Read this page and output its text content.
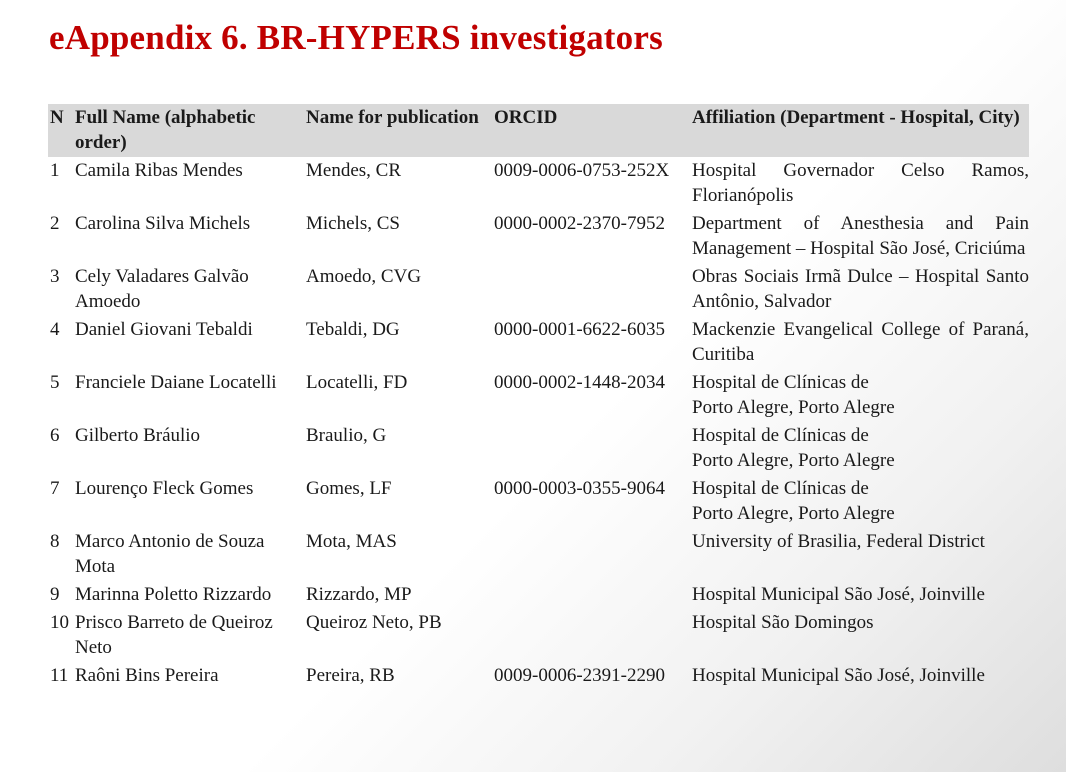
eAppendix 6. BR-HYPERS investigators
N	Full Name (alphabetic order)	Name for publication	ORCID	Affiliation (Department - Hospital, City)
1	Camila Ribas Mendes	Mendes, CR	0009-0006-0753-252X	Hospital Governador Celso Ramos, Florianópolis
2	Carolina Silva Michels	Michels, CS	0000-0002-2370-7952	Department of Anesthesia and Pain Management – Hospital São José, Criciúma
3	Cely Valadares Galvão Amoedo	Amoedo, CVG		Obras Sociais Irmã Dulce – Hospital Santo Antônio, Salvador
4	Daniel Giovani Tebaldi	Tebaldi, DG	0000-0001-6622-6035	Mackenzie Evangelical College of Paraná, Curitiba
5	Franciele Daiane Locatelli	Locatelli, FD	0000-0002-1448-2034	Hospital de Clínicas de
Porto Alegre, Porto Alegre
6	Gilberto Bráulio	Braulio, G		Hospital de Clínicas de
Porto Alegre, Porto Alegre
7	Lourenço Fleck Gomes	Gomes, LF	0000-0003-0355-9064	Hospital de Clínicas de
Porto Alegre, Porto Alegre
8	Marco Antonio de Souza Mota	Mota, MAS		University of Brasilia, Federal District
9	Marinna Poletto Rizzardo	Rizzardo, MP		Hospital Municipal São José, Joinville
10	Prisco Barreto de Queiroz Neto	Queiroz Neto, PB		Hospital São Domingos
11	Raôni Bins Pereira	Pereira, RB	0009-0006-2391-2290	Hospital Municipal São José, Joinville
